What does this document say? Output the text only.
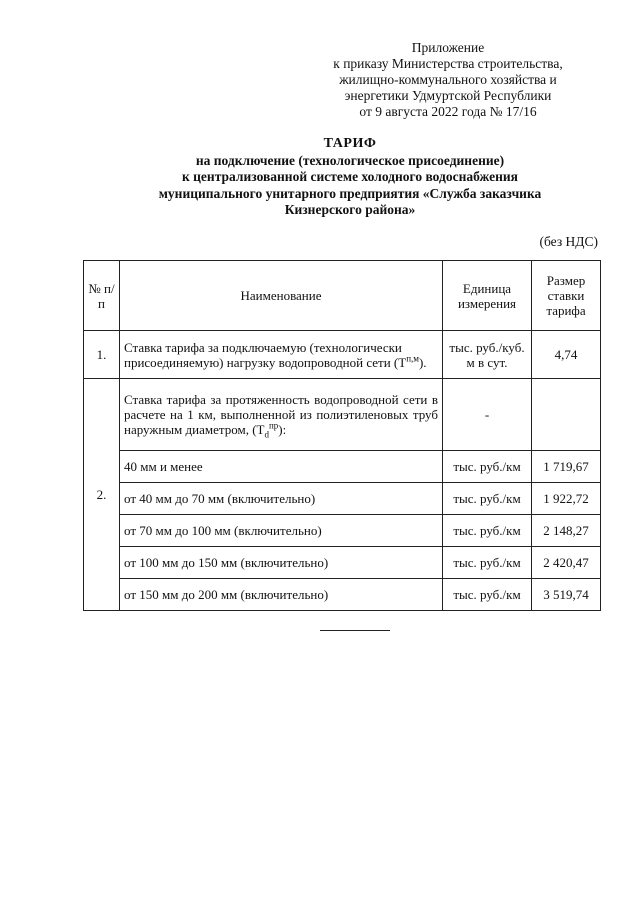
Приложение
к приказу Министерства строительства,
жилищно-коммунального хозяйства и
энергетики Удмуртской Республики
от 9 августа 2022 года № 17/16
ТАРИФ
на подключение (технологическое присоединение)
к централизованной системе холодного водоснабжения
муниципального унитарного предприятия «Служба заказчика
Кизнерского района»
(без НДС)
№ п/п	Наименование	Единица измерения	Размер ставки тарифа
1.	Ставка тарифа за подключаемую (технологически присоединяемую) нагрузку водопроводной сети $(Т^{п,м})$.	тыс. руб./куб. м в сут.	4,74
2.	Ставка тарифа за протяженность водопроводной сети в расчете на 1 км, выполненной из полиэтиленовых труб наружным диаметром, $(Т_d^{пр})$:	-	
	40 мм и менее	тыс. руб./км	1 719,67
	от 40 мм до 70 мм (включительно)	тыс. руб./км	1 922,72
	от 70 мм до 100 мм (включительно)	тыс. руб./км	2 148,27
	от 100 мм до 150 мм (включительно)	тыс. руб./км	2 420,47
	от 150 мм до 200 мм (включительно)	тыс. руб./км	3 519,74
